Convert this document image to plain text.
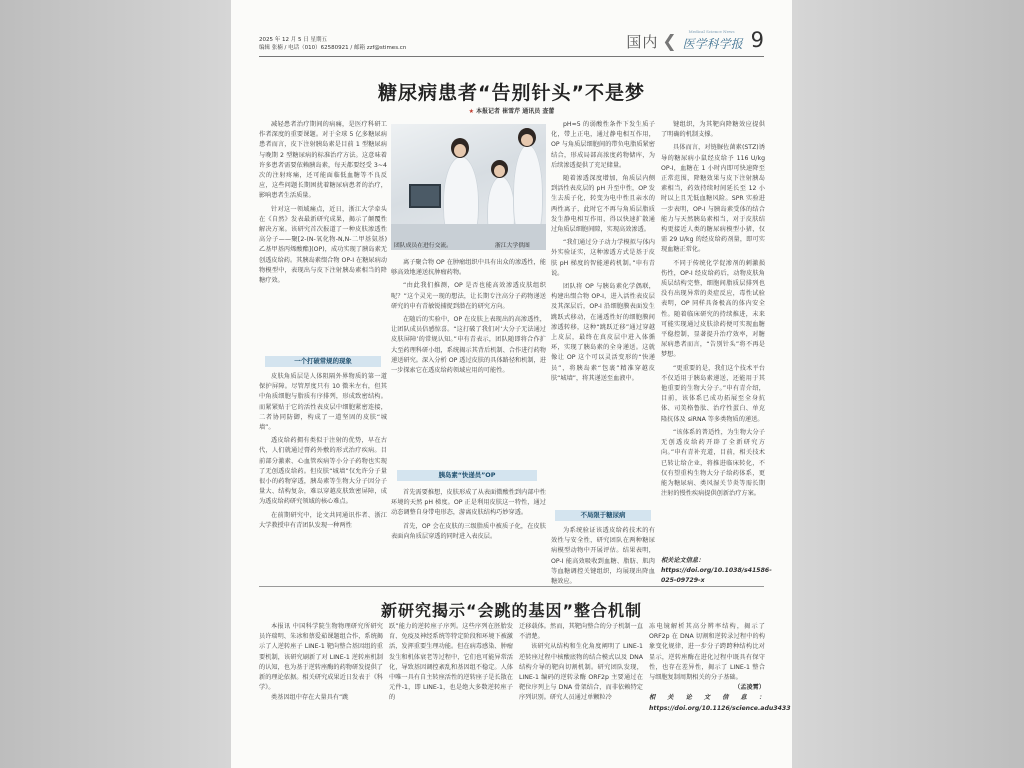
2025 年 12 月 5 日 星期五
编辑 张楠 / 电话（010）62580921 / 邮箱 zzf@stimes.cn	国内 ❮
Medical Science News
医学科学报 9
糖尿病患者“告别针头”不是梦
★ 本报记者 崔雪芹 通讯员 查蕾

减轻患者治疗期间的病痛，是医疗科研工作者深度的重要课题。对于全球 5 亿多糖尿病患者而言，皮下注射胰岛素是目前 1 型糖尿病与晚期 2 型糖尿病的标准治疗方法。这意味着许多患者需要依赖胰岛素，每天都要经受 3~4 次的注射疼痛，还可能面临低血糖等不良反应，这些问题长期困扰着糖尿病患者的治疗，影响患者生活质量。

针对这一领域痛点，近日，浙江大学牵头在《自然》发表最新研究成果，揭示了颠覆性解决方案。该研究首次报道了一种皮肤渗透性高分子——聚[2-(N-氧化物-N,N-二甲基氨基)乙基甲基丙烯酸酯](OP)，成功实现了胰岛素无创透皮给药。其胰岛素缀合物 OP-I 在糖尿病动物模型中，表现出与皮下注射胰岛素相当的降糖疗效。

一个打破常规的现象

皮肤角质层是人体阻隔外界物质的第一道保护屏障。尽管厚度只有 10 微米左右，但其中角质细胞与脂质有序排列，形成致密结构。而紧紧贴于它的活性表皮层中细胞紧密连接，二者协同防御，构成了一道坚固的皮肤“城墙”。

透皮给药拥有类似于注射的优势，早在古代，人们就通过膏药外敷的形式治疗疾病。目前部分激素、心血管疾病等小分子药物也实现了无创透皮给药。但皮肤“城墙”仅允许分子量很小的药物穿透，胰岛素等生物大分子因分子量大、结构复杂，难以穿越皮肤致密屏障，成为透皮给药研究领域的核心难点。

在前期研究中，论文共同通讯作者、浙江大学教授申有青团队发现一种两性

团队成员在进行交流。	浙江大学供图

离子聚合物 OP 在肿瘤组织中具有出众的渗透性，能够高效地递送抗肿瘤药物。

“由此我们推测，OP 是否也能高效渗透皮肤组织呢？”这个灵光一现的想法，让长期专注高分子药物递送研究的申有青敏锐捕捉到潜在的研究方向。

在随后的实验中，OP 在皮肤上表现出的高渗透性，让团队成员倍感惊喜。“这打破了我们对‘大分子无法通过皮肤屏障’的常规认知。”申有青表示，团队随即将合作扩大至药理科研小组，系统揭示其背后机制、合作进行药物递送研究。深入分析 OP 透过皮肤的具体路径和机制，进一步探索它在透皮给药领域应用的可能性。

胰岛素“快递员”OP

首先需要推想，皮肤形成了从表面微酸性到内部中性环境的天然 pH 梯度。OP 正是利用皮肤这一特性，通过动态调整自身带电形态，游离皮肤结构巧妙穿透。

首先，OP 会在皮肤的三级脂质中被质子化，在皮肤表面向角质层穿透的同时进入表皮层。

pH≈5 的弱酸性条件下发生质子化，带上正电，通过静电相互作用，OP 与角质层细胞间的带负电脂质紧密结合，形成局部高浓度药物储库，为后续渗透提供了充足储量。

随着渗透深度增加，角质层内侧到活性表皮层的 pH 升至中性，OP 发生去质子化，转变为电中性且亲水的两性离子，此时它不再与角质层脂质发生静电相互作用，得以快速扩散通过角质层细胞间隙，实现高效渗透。

“我们通过分子动力学模拟与体内外实验证实，这种渗透方式是基于皮肤 pH 梯度的智能递药机制。”申有青说。

团队将 OP 与胰岛素化学偶联，构建出缀合物 OP-I，进入活性表皮层及其深层后，OP-I 沿细胞膜表面发生跳跃式移动，在通透性好的细胞膜间渗透转移，这种“跳跃迁移”通过穿越上皮层，最终在真皮层中进入体循环，实现了胰岛素的全身递送。这就像让 OP 这个可以灵活变形的“快递员”，将胰岛素“包裹”精准穿越皮肤“城墙”，将其递送至血液中。

不局限于糖尿病

为系统验证该透皮给药技术的有效性与安全性，研究团队在两种糖尿病模型动物中开展评估。结果表明，OP-I 能高效吸收到血糖、脂肪、肌肉等血糖调控关键组织，均展现出降血糖效应。

键组织，为其靶向降糖效应提供了明确的机制支撑。

具体而言，对链脲佐菌素(STZ)诱导的糖尿病小鼠经皮给予 116 U/kg OP-I，血糖在 1 小时内即可快速降至正常范围，降糖效果与皮下注射胰岛素相当，药效持续时间延长至 12 小时以上且无低血糖风险。SPR 实验进一步表明，OP-I 与胰岛素受体的结合能力与天然胰岛素相当，对于皮肤结构更接近人类的糖尿病模型小猪，仅需 29 U/kg 的经皮给药剂量，即可实现血糖正常化。

不同于传统化学促渗剂的刺激损伤性，OP-I 经皮给药后，动物皮肤角质层结构完整，细胞间脂质层排列也没有出现异常的炎症反应，毒性试验表明，OP 同样具备极高的体内安全性。随着临床研究的持续推进，未来可能实现通过皮肤涂药便可实现血糖平稳控制，显著提升治疗效率，对糖尿病患者而言，“告别针头”将不再是梦想。

“更重要的是，我们这个技术平台不仅适用于胰岛素递送，还能用于其他重要的生物大分子。”申有青介绍，目前，该体系已成功拓展至全身抗体、司美格鲁肽、治疗性蛋白、单克隆抗体及 siRNA 等多类物质的递送。

“该体系的普适性，为生物大分子无创透皮给药开辟了全新研究方向。”申有青补充道，目前，相关技术已转让给企业，将推进临床转化，不仅有望重构生物大分子给药体系，更能为糖尿病、类风湿关节炎等需长期注射的慢性疾病提供创新治疗方案。

相关论文信息：https://doi.org/10.1038/s41586-025-09729-x
新研究揭示“会跳的基因”整合机制

本报讯 中国科学院生物物理研究所研究员许瑞明、朱冰和蔡爱茹课题组合作，系统揭示了人逆转座子 LINE-1 靶向整合基因组的重要机制，该研究刷新了对 LINE-1 逆转座机制的认知，也为基于逆转座酶的药物研发提供了新的理论依据。相关研究成果近日发表于《科学》。

类基因组中存在大量具有“跳

跃”能力的逆转座子序列。这些序列在胚胎发育、免疫及神经系统等特定阶段和环境下被激活，发挥重要生理功能。但在病毒感染、肿瘤发生和机体衰老等过程中，它们也可能异常活化，导致基因调控紊乱和基因组不稳定。人体中唯一具有自主转座活性的逆转座子是长散在元件-1，即 LINE-1，也是绝大多数逆转座子的

迁移载体。然而，其靶向整合的分子机制一直不清楚。

该研究从结构和生化角度阐明了 LINE-1 逆转座过程中核酸底物的结合模式以及 DNA 结构介导的靶向切割机制。研究团队发现，LINE-1 编码的逆转录酶 ORF2p 主要通过在靶位序列上与 DNA 骨架结合，而非依赖特定序列识别。研究人员通过单颗粒冷

冻电镜解析其高分辨率结构，揭示了 ORF2p 在 DNA 切割和逆转录过程中的构象变化规律，进一步分子跨跨种结构比对显示，逆转座酶在进化过程中既具有保守性，也存在差异性，揭示了 LINE-1 整合与细胞复制周期相关的分子基础。

（孟凌霄）
相关论文信息：https://doi.org/10.1126/science.adu3433
